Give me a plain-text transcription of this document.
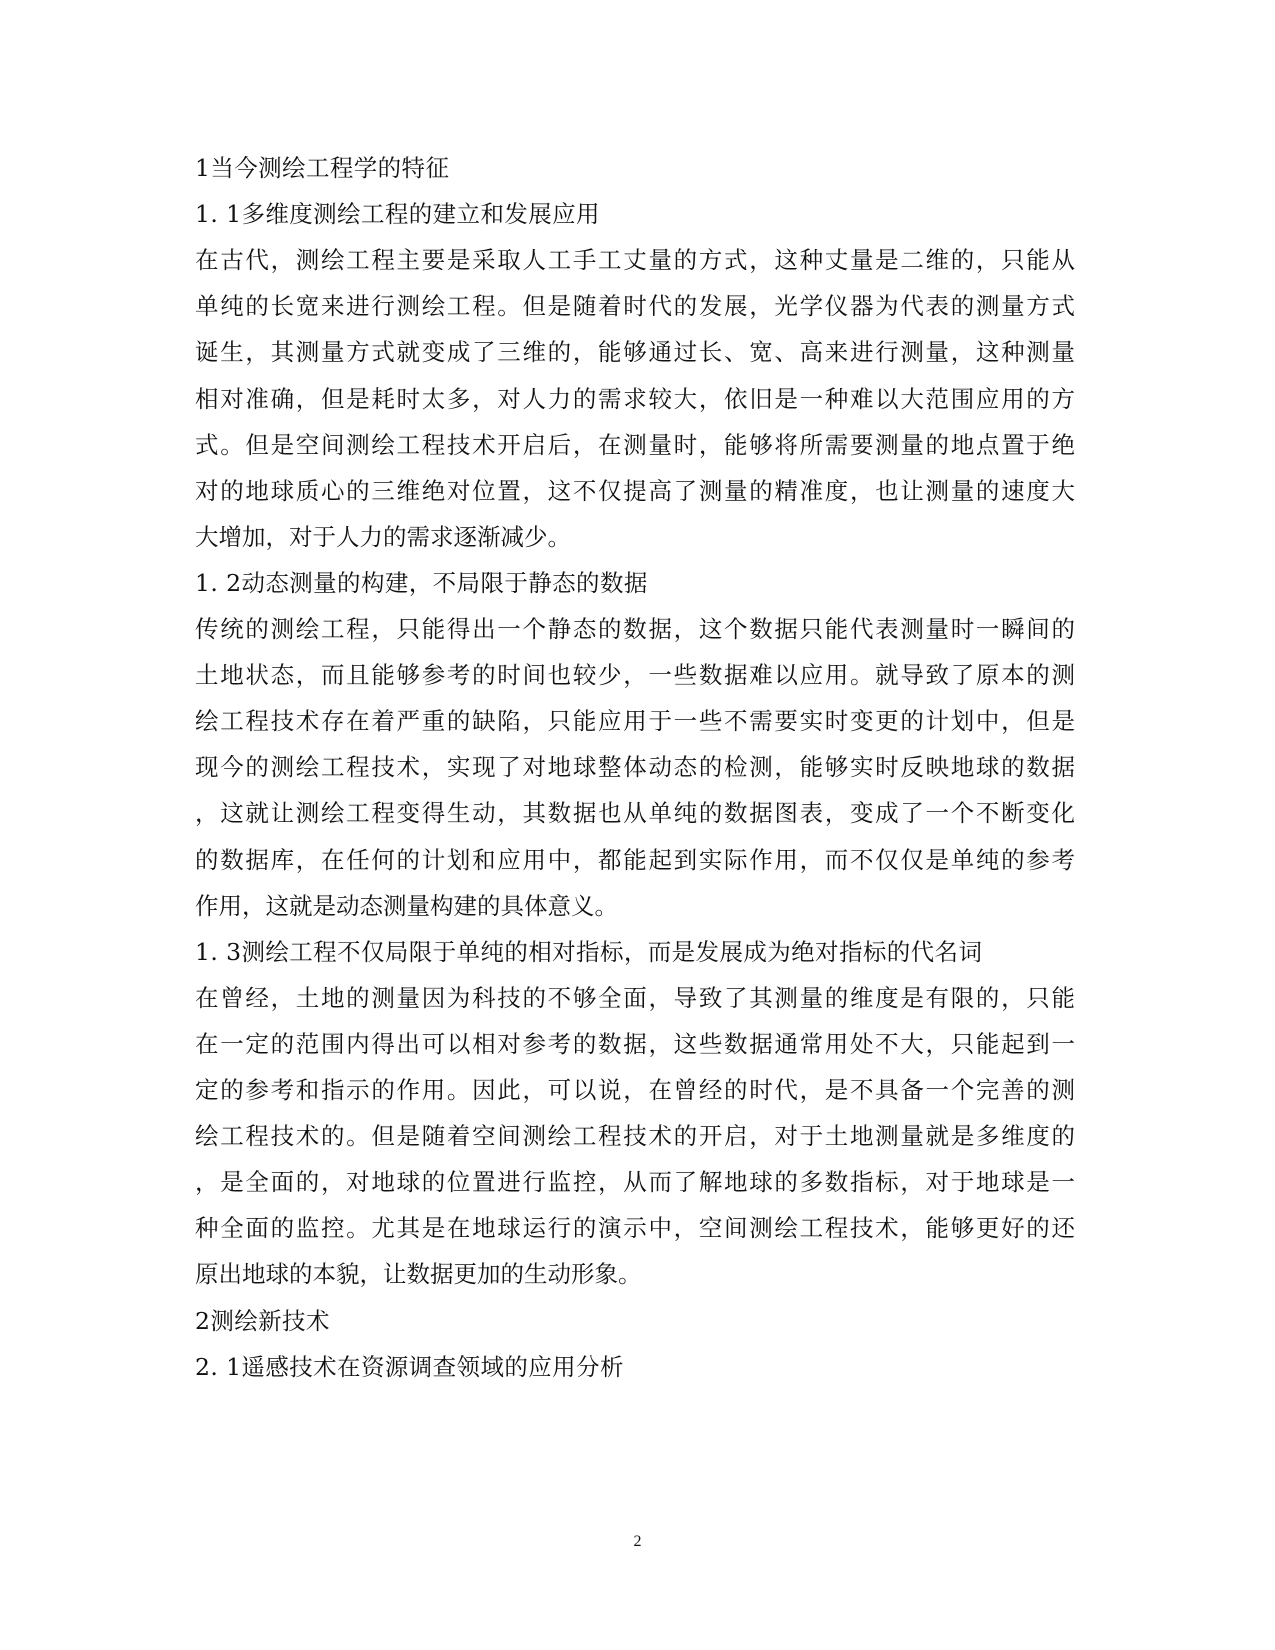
1当今测绘工程学的特征
1. 1多维度测绘工程的建立和发展应用
在古代，测绘工程主要是采取人工手工丈量的方式，这种丈量是二维的，只能从
单纯的长宽来进行测绘工程。但是随着时代的发展，光学仪器为代表的测量方式
诞生，其测量方式就变成了三维的，能够通过长、宽、高来进行测量，这种测量
相对准确，但是耗时太多，对人力的需求较大，依旧是一种难以大范围应用的方
式。但是空间测绘工程技术开启后，在测量时，能够将所需要测量的地点置于绝
对的地球质心的三维绝对位置，这不仅提高了测量的精准度，也让测量的速度大
大增加，对于人力的需求逐渐减少。
1. 2动态测量的构建，不局限于静态的数据
传统的测绘工程，只能得出一个静态的数据，这个数据只能代表测量时一瞬间的
土地状态，而且能够参考的时间也较少，一些数据难以应用。就导致了原本的测
绘工程技术存在着严重的缺陷，只能应用于一些不需要实时变更的计划中，但是
现今的测绘工程技术，实现了对地球整体动态的检测，能够实时反映地球的数据
，这就让测绘工程变得生动，其数据也从单纯的数据图表，变成了一个不断变化
的数据库，在任何的计划和应用中，都能起到实际作用，而不仅仅是单纯的参考
作用，这就是动态测量构建的具体意义。
1. 3测绘工程不仅局限于单纯的相对指标，而是发展成为绝对指标的代名词
在曾经，土地的测量因为科技的不够全面，导致了其测量的维度是有限的，只能
在一定的范围内得出可以相对参考的数据，这些数据通常用处不大，只能起到一
定的参考和指示的作用。因此，可以说，在曾经的时代，是不具备一个完善的测
绘工程技术的。但是随着空间测绘工程技术的开启，对于土地测量就是多维度的
，是全面的，对地球的位置进行监控，从而了解地球的多数指标，对于地球是一
种全面的监控。尤其是在地球运行的演示中，空间测绘工程技术，能够更好的还
原出地球的本貌，让数据更加的生动形象。
2测绘新技术
2. 1遥感技术在资源调查领域的应用分析
2
